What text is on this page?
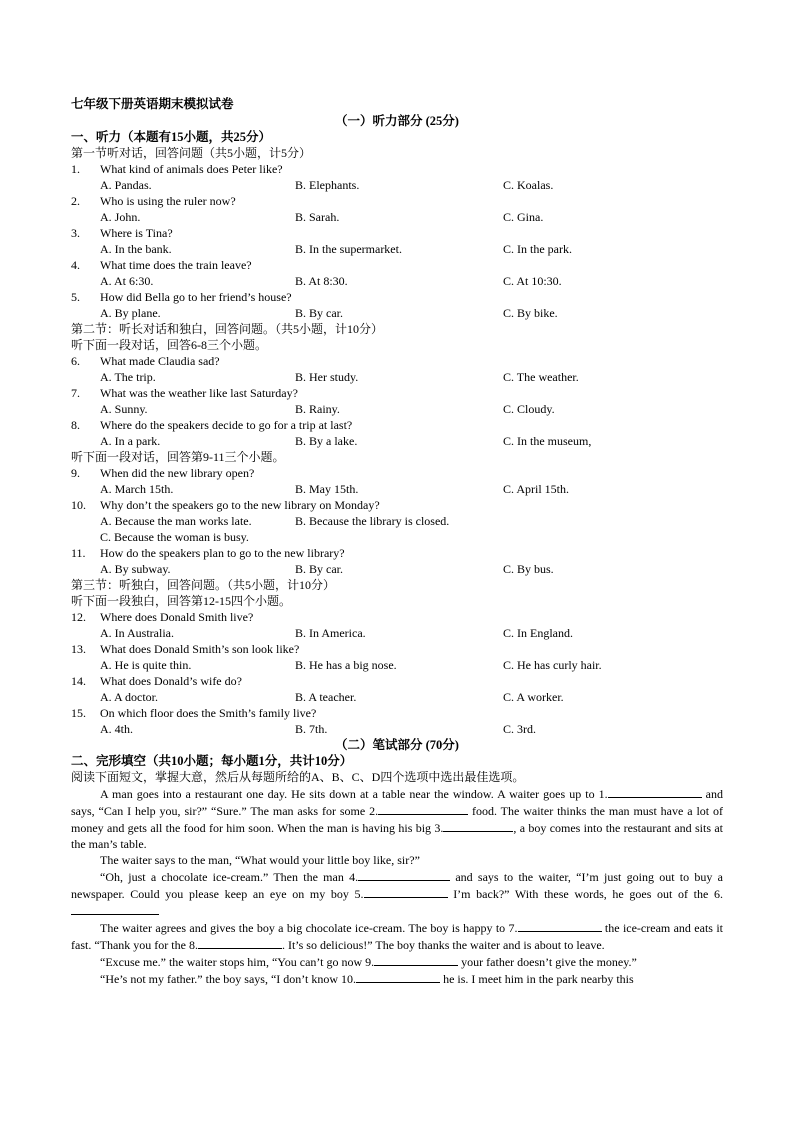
七年级下册英语期末模拟试卷
（一）听力部分 (25分)
一、听力（本题有15小题，共25分）
第一节听对话，回答问题（共5小题，计5分）
1.	What kind of animals does Peter like?
A. Pandas.	B. Elephants.	C. Koalas.
2.	Who is using the ruler now?
A. John.	B. Sarah.	C. Gina.
3.	Where is Tina?
A. In the bank.	B. In the supermarket.	C. In the park.
4.	What time does the train leave?
A. At 6:30.	B. At 8:30.	C. At 10:30.
5.	How did Bella go to her friend’s house?
A. By plane.	B. By car.	C. By bike.
第二节：听长对话和独白，回答问题。（共5小题，计10分）
听下面一段对话，回答6-8三个小题。
6.	What made Claudia sad?
A. The trip.	B. Her study.	C. The weather.
7.	What was the weather like last Saturday?
A. Sunny.	B. Rainy.	C. Cloudy.
8.	Where do the speakers decide to go for a trip at last?
A. In a park.	B. By a lake.	C. In the museum,
听下面一段对话，回答第9-11三个小题。
9.	When did the new library open?
A. March 15th.	B. May 15th.	C. April 15th.
10.	Why don’t the speakers go to the new library on Monday?
A. Because the man works late.	B. Because the library is closed.
C. Because the woman is busy.
11.	How do the speakers plan to go to the new library?
A. By subway.	B. By car.	C. By bus.
第三节：听独白，回答问题。（共5小题，计10分）
听下面一段独白，回答第12-15四个小题。
12.	Where does Donald Smith live?
A. In Australia.	B. In America.	C. In England.
13.	What does Donald Smith’s son look like?
A. He is quite thin.	B. He has a big nose.	C. He has curly hair.
14.	What does Donald’s wife do?
A. A doctor.	B. A teacher.	C. A worker.
15.	On which floor does the Smith’s family live?
A. 4th.	B. 7th.	C. 3rd.
（二）笔试部分 (70分)
二、完形填空（共10小题；每小题1分，共计10分）
阅读下面短文，掌握大意，然后从每题所给的A、B、C、D四个选项中选出最佳选项。

A man goes into a restaurant one day. He sits down at a table near the window. A waiter goes up to 1.	and says, “Can I help you, sir?” “Sure.” The man asks for some 2.	food. The waiter thinks the man must have a lot of money and gets all the food for him soon. When the man is having his big 3.	, a boy comes into the restaurant and sits at the man’s table.

The waiter says to the man, “What would your little boy like, sir?”

“Oh, just a chocolate ice-cream.” Then the man 4.	and says to the waiter, “I’m just going out to buy a newspaper. Could you please keep an eye on my boy 5.	I’m back?” With these words, he goes out of the 6.

The waiter agrees and gives the boy a big chocolate ice-cream. The boy is happy to 7.	the ice-cream and eats it fast. “Thank you for the 8.	. It’s so delicious!” The boy thanks the waiter and is about to leave.

“Excuse me.” the waiter stops him, “You can’t go now 9.	your father doesn’t give the money.”

“He’s not my father.” the boy says, “I don’t know 10.	he is. I meet him in the park nearby this
